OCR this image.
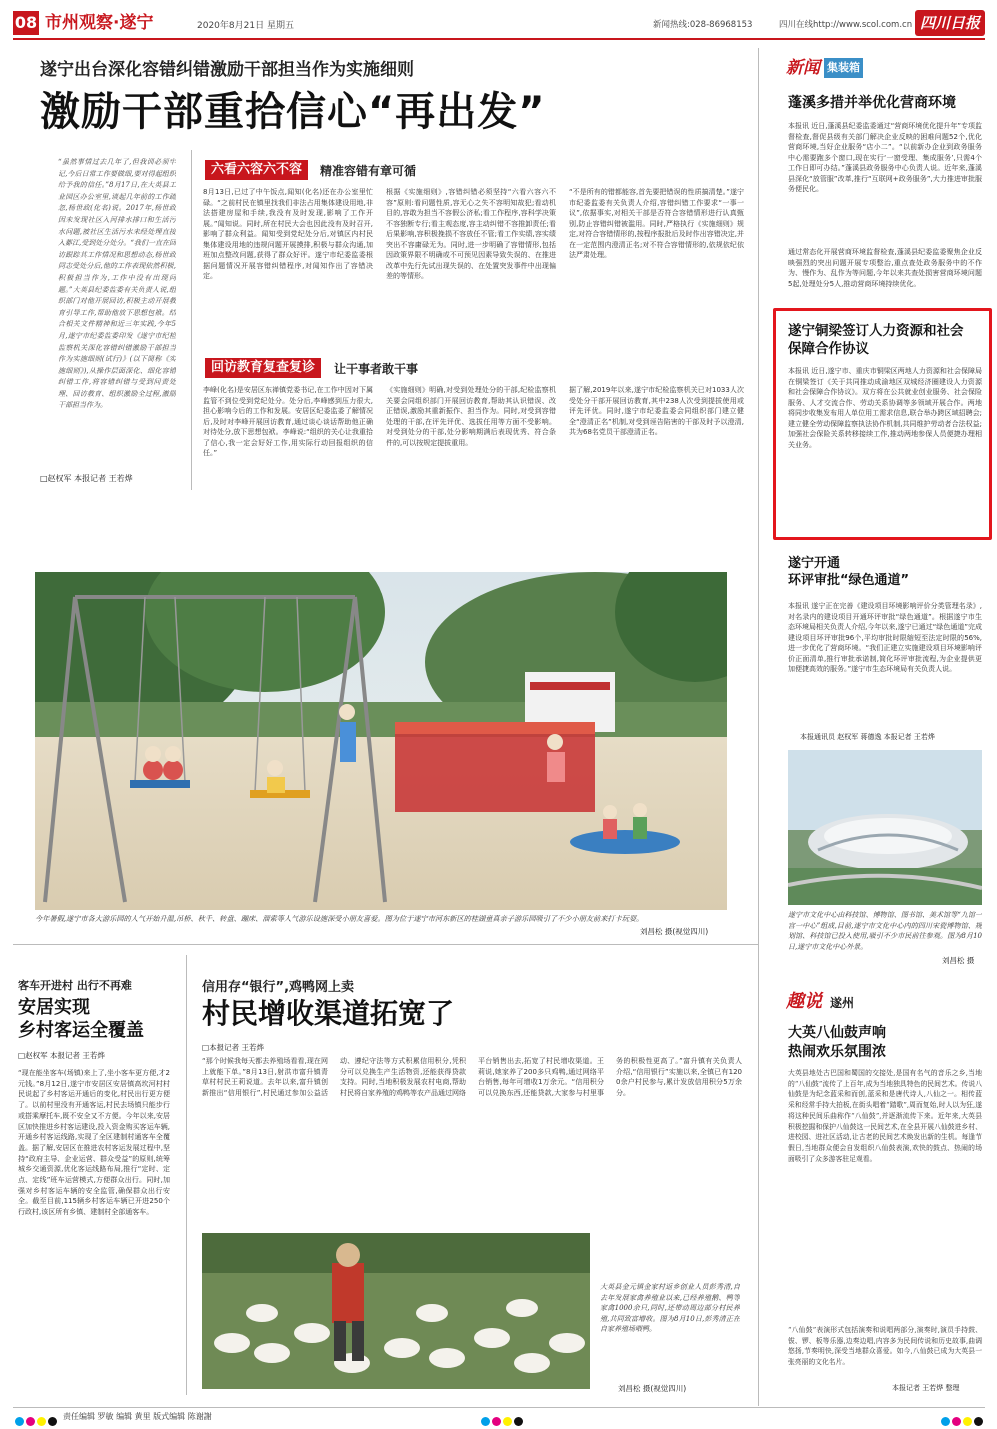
08 市州观察·遂宁	2020年8月21日 星期五	新闻热线:028-86968153	四川在线http://www.scol.com.cn 四川日报
遂宁出台深化容错纠错激励干部担当作为实施细则
激励干部重拾信心“再出发”
“虽然事情过去几年了,但我训必须牢记,今后日常工作要做细,要对得起组织给予我的信任。”8月17日,在大英县工业园区办公室里,谈起几年前的工作疏忽,杨世政(化名)说。2017年,杨世政因未发现社区入河排水排口和生活污水问题,被社区生活污水未经处理直接入郪江,受到处分处分。“我们一直在回访跟踪其工作情况和思想动态,杨世政同志受处分后,他的工作表现依然积极,积极担当作为,工作中没有出现问题。”大英县纪委监委有关负责人说,组织部门对他开展回访,积极主动开展教育引导工作,帮助他放下思想包袱。结合相关文件精神和近三年实践,今年5月,遂宁市纪委监委印发《遂宁市纪检监察机关深化容错纠错激励干部担当作为实施细则(试行)》(以下简称《实施细则》),从操作层面深化、细化容错纠错工作,将容错纠错与受到问责处理、回访教育、组织激励全过程,激励干部担当作为。
□赵权军 本报记者 王若烨
六看六容六不容	精准容错有章可循
8月13日,已过了中午饭点,闻知(化名)还在办公室里忙碌。“之前村民在镇里找我们非法占用集体建设用地,非法搭建房屋和手续,我没有及时发现,影响了工作开展。”闻知说。同时,所在村民大会也因此没有及时召开,影响了群众利益。闻知受到党纪处分后,对镇区内村民集体建设用地的违规问题开展摸排,积极与群众沟通,加班加点整改问题,获得了群众好评。遂宁市纪委监委根据问题情况开展容错纠错程序,对闻知作出了容错决定。
根据《实施细则》,容错纠错必须坚持“六看六容六不容”原则:看问题性质,容无心之失不容明知故犯;看动机目的,容敢为担当不容假公济私;看工作程序,容科学决策不容独断专行;看主观态度,容主动纠错不容推卸责任;看后果影响,容积极挽损不容放任不管;看工作实绩,容实绩突出不容庸碌无为。同时,进一步明确了容错情形,包括因政策界限不明确或不可预见因素导致失误的、在推进改革中先行先试出现失误的、在处置突发事件中出现偏差的等情形。
“不是所有的错都能容,首先要把错误的性质搞清楚。”遂宁市纪委监委有关负责人介绍,容错纠错工作要求“一事一议”,依据事实,对相关干部是否符合容错情形进行认真甄别,防止容错纠错被滥用。同时,严格执行《实施细则》规定,对符合容错情形的,按程序报批后及时作出容错决定,并在一定范围内澄清正名;对不符合容错情形的,依规依纪依法严肃处理。
回访教育复查复诊	让干事者敢干事
李峰(化名)是安居区东禅镇党委书记,在工作中因对下属监管不到位受到党纪处分。处分后,李峰感到压力很大,担心影响今后的工作和发展。安居区纪委监委了解情况后,及时对李峰开展回访教育,通过谈心谈话帮助他正确对待处分,放下思想包袱。李峰说:“组织的关心让我重拾了信心,我一定会好好工作,用实际行动回报组织的信任。”
《实施细则》明确,对受到处理处分的干部,纪检监察机关要会同组织部门开展回访教育,帮助其认识错误、改正错误,激励其重新振作、担当作为。同时,对受到容错处理的干部,在评先评优、选拔任用等方面不受影响。对受到处分的干部,处分影响期满后表现优秀、符合条件的,可以按规定提拔重用。
据了解,2019年以来,遂宁市纪检监察机关已对1033人次受处分干部开展回访教育,其中238人次受到提拔使用或评先评优。同时,遂宁市纪委监委会同组织部门建立健全“澄清正名”机制,对受到诬告陷害的干部及时予以澄清,共为68名党员干部澄清正名。
今年暑假,遂宁市各大游乐园的人气开始升温,吊桥、秋千、转盘、蹦床、溜索等人气游乐设施深受小朋友喜爱。图为位于遂宁市河东新区的桂湖童真亲子游乐园吸引了不少小朋友前来打卡玩耍。
刘昌松 摄(视觉四川)
新闻 集装箱
蓬溪多措并举优化营商环境
本报讯 近日,蓬溪县纪委监委通过“营商环境优化提升年”专项监督检查,督促县级有关部门解决企业反映的困难问题52个,优化营商环境,当好企业服务“店小二”。“以前新办企业到政务服务中心需要跑多个窗口,现在实行‘一窗受理、集成服务’,只需4个工作日即可办结。”蓬溪县政务服务中心负责人说。近年来,蓬溪县深化“放管服”改革,推行“互联网+政务服务”,大力推进审批服务便民化。
通过常态化开展营商环境监督检查,蓬溪县纪委监委聚焦企业反映强烈的突出问题开展专项整治,重点查处政务服务中的不作为、慢作为、乱作为等问题,今年以来共查处损害营商环境问题5起,处理处分5人,推动营商环境持续优化。
遂宁铜梁签订人力资源和社会保障合作协议
本报讯 近日,遂宁市、重庆市铜梁区两地人力资源和社会保障局在铜梁签订《关于共同推动成渝地区双城经济圈建设人力资源和社会保障合作协议》。双方将在公共就业创业服务、社会保险服务、人才交流合作、劳动关系协调等多领域开展合作。两地将同步收集发布用人单位用工需求信息,联合举办跨区域招聘会;建立健全劳动保障监察执法协作机制,共同维护劳动者合法权益;加强社会保险关系转移接续工作,推动两地参保人员便捷办理相关业务。
遂宁开通
环评审批“绿色通道”
本报讯 遂宁正在完善《建设项目环境影响评价分类管理名录》,对名录内的建设项目开通环评审批“绿色通道”。根据遂宁市生态环境局相关负责人介绍,今年以来,遂宁已通过“绿色通道”完成建设项目环评审批96个,平均审批时限缩短至法定时限的56%,进一步优化了营商环境。“我们正建立实施建设项目环境影响评价正面清单,推行审批承诺制,简化环评审批流程,为企业提供更加便捷高效的服务。”遂宁市生态环境局有关负责人说。
本报通讯员 赵权军 蒋德逸 本报记者 王若烨
遂宁市文化中心由科技馆、博物馆、图书馆、美术馆等“九馆一宫一中心”组成,目前,遂宁市文化中心内的四川宋瓷博物馆、规划馆、科技馆已投入使用,吸引不少市民前往参观。图为8月10日,遂宁市文化中心外景。
刘昌松 摄
趣说 遂州
大英八仙鼓声响
热闹欢乐氛围浓
大英县地处古巴国和蜀国的交接处,是国有名气的音乐之乡,当地的“八仙鼓”流传了上百年,成为当地独具特色的民间艺术。传说八仙鼓是为纪念蓝采和而创,蓝采和是唐代诗人,八仙之一。相传蓝采和经常手持大拍板,在街头唱着“踏歌”,周而复始,时人以为狂,遂将这种民间乐曲称作“八仙鼓”,并逐渐流传下来。近年来,大英县积极挖掘和保护八仙鼓这一民间艺术,在全县开展八仙鼓进乡村、进校园、进社区活动,让古老的民间艺术焕发出新的生机。每逢节假日,当地群众便会自发组织八仙鼓表演,欢快的鼓点、热闹的场面吸引了众多游客驻足观看。
“八仙鼓”表演形式包括演奏和说唱两部分,演奏时,演员手持鼓、钹、锣、板等乐器,边奏边唱,内容多为民间传说和历史故事,曲调悠扬,节奏明快,深受当地群众喜爱。如今,八仙鼓已成为大英县一张亮丽的文化名片。
本报记者 王若烨 整理
客车开进村 出行不再难
安居实现
乡村客运全覆盖
□赵权军 本报记者 王若烨
“现在能坐客车(场镇)来上了,坐小客车更方便,才2元钱。”8月12日,遂宁市安居区安居镇高坎河村村民说起了乡村客运开通后的变化,村民出行更方便了。以前村里没有开通客运,村民去场镇只能步行或搭乘摩托车,既不安全又不方便。今年以来,安居区加快推进乡村客运建设,投入资金购买客运车辆,开通乡村客运线路,实现了全区建制村通客车全覆盖。据了解,安居区在推进农村客运发展过程中,坚持“政府主导、企业运营、群众受益”的原则,统筹城乡交通资源,优化客运线路布局,推行“定时、定点、定线”班车运营模式,方便群众出行。同时,加强对乡村客运车辆的安全监管,确保群众出行安全。截至目前,115辆乡村客运车辆已开进250个行政村,该区所有乡镇、建制村全部通客车。
信用存“银行”,鸡鸭网上卖
村民增收渠道拓宽了
□本报记者 王若烨
“那个时候我每天都去养殖场看看,现在网上就能下单。”8月13日,射洪市富升镇青草村村民王莉说道。去年以来,富升镇创新推出“信用银行”,村民通过参加公益活动、遵纪守法等方式积累信用积分,凭积分可以兑换生产生活物资,还能获得贷款支持。同时,当地积极发展农村电商,帮助村民将自家养殖的鸡鸭等农产品通过网络平台销售出去,拓宽了村民增收渠道。王莉说,她家养了200多只鸡鸭,通过网络平台销售,每年可增收1万余元。“信用积分可以兑换东西,还能贷款,大家参与村里事务的积极性更高了。”富升镇有关负责人介绍,“信用银行”实施以来,全镇已有1200余户村民参与,累计发放信用积分5万余分。
大英县金元镇金家村返乡创业人员彭秀清,自去年发展家禽养殖业以来,已经养殖鹅、鸭等家禽1000余只,同时,还带动周边部分村民养殖,共同致富增收。图为8月10日,彭秀清正在自家养殖场喂鸭。
刘昌松 摄(视觉四川)
责任编辑 罗敏 编辑 黄里 版式编辑 陈谢謝
